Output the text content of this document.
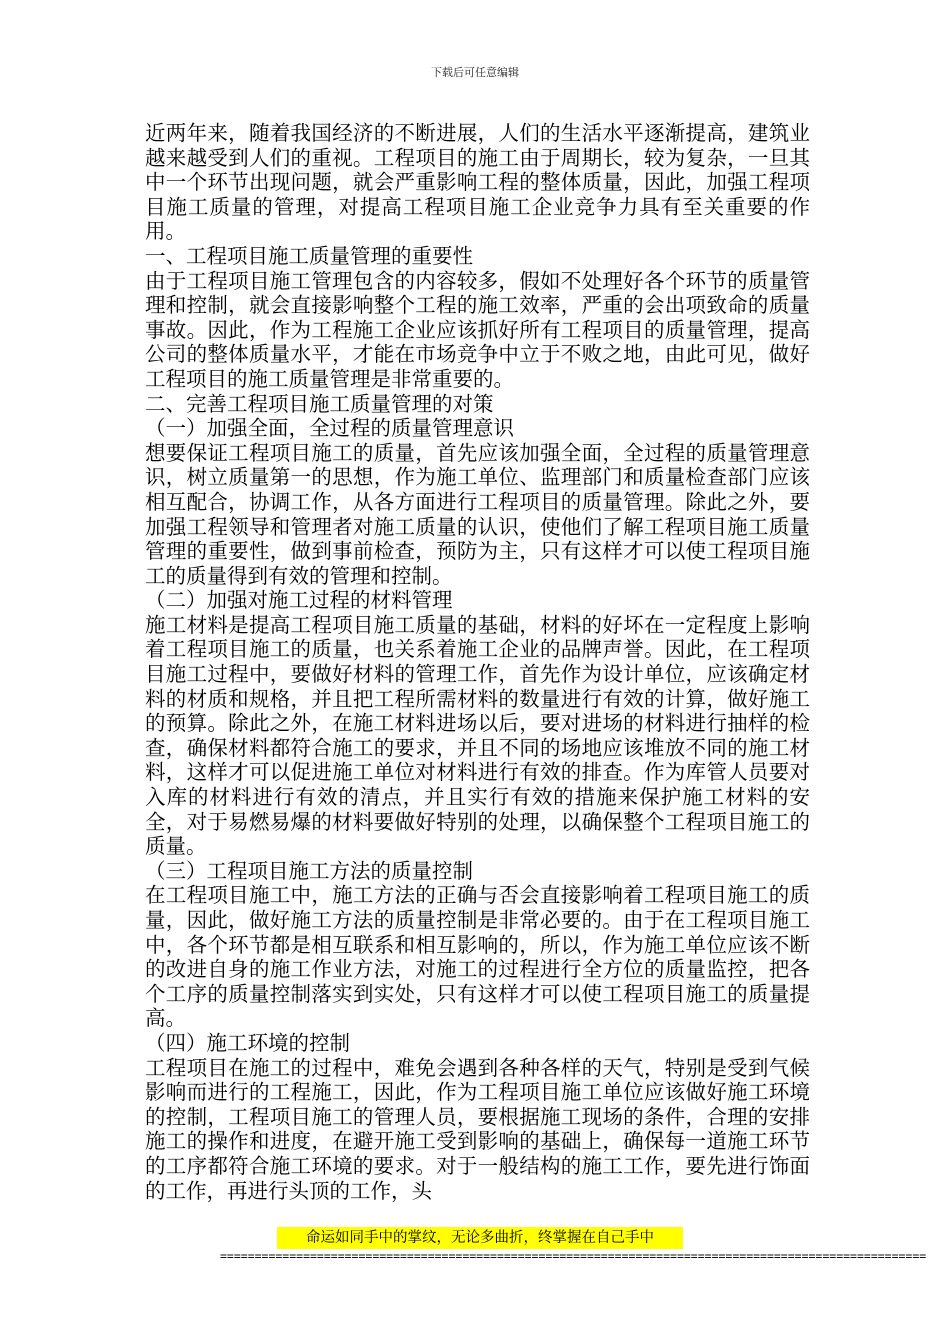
下载后可任意编辑

近两年来，随着我国经济的不断进展，人们的生活水平逐渐提高，建筑业越来越受到人们的重视。工程项目的施工由于周期长，较为复杂，一旦其中一个环节出现问题，就会严重影响工程的整体质量，因此，加强工程项目施工质量的管理，对提高工程项目施工企业竞争力具有至关重要的作用。

一、工程项目施工质量管理的重要性

由于工程项目施工管理包含的内容较多，假如不处理好各个环节的质量管理和控制，就会直接影响整个工程的施工效率，严重的会出项致命的质量事故。因此，作为工程施工企业应该抓好所有工程项目的质量管理，提高公司的整体质量水平，才能在市场竞争中立于不败之地，由此可见，做好工程项目的施工质量管理是非常重要的。

二、完善工程项目施工质量管理的对策

（一）加强全面，全过程的质量管理意识

想要保证工程项目施工的质量，首先应该加强全面，全过程的质量管理意识，树立质量第一的思想，作为施工单位、监理部门和质量检查部门应该相互配合，协调工作，从各方面进行工程项目的质量管理。除此之外，要加强工程领导和管理者对施工质量的认识，使他们了解工程项目施工质量管理的重要性，做到事前检查，预防为主，只有这样才可以使工程项目施工的质量得到有效的管理和控制。

（二）加强对施工过程的材料管理

施工材料是提高工程项目施工质量的基础，材料的好坏在一定程度上影响着工程项目施工的质量，也关系着施工企业的品牌声誉。因此，在工程项目施工过程中，要做好材料的管理工作，首先作为设计单位，应该确定材料的材质和规格，并且把工程所需材料的数量进行有效的计算，做好施工的预算。除此之外，在施工材料进场以后，要对进场的材料进行抽样的检查，确保材料都符合施工的要求，并且不同的场地应该堆放不同的施工材料，这样才可以促进施工单位对材料进行有效的排查。作为库管人员要对入库的材料进行有效的清点，并且实行有效的措施来保护施工材料的安全，对于易燃易爆的材料要做好特别的处理，以确保整个工程项目施工的质量。

（三）工程项目施工方法的质量控制

在工程项目施工中，施工方法的正确与否会直接影响着工程项目施工的质量，因此，做好施工方法的质量控制是非常必要的。由于在工程项目施工中，各个环节都是相互联系和相互影响的，所以，作为施工单位应该不断的改进自身的施工作业方法，对施工的过程进行全方位的质量监控，把各个工序的质量控制落实到实处，只有这样才可以使工程项目施工的质量提高。

（四）施工环境的控制

工程项目在施工的过程中，难免会遇到各种各样的天气，特别是受到气候影响而进行的工程施工，因此，作为工程项目施工单位应该做好施工环境的控制，工程项目施工的管理人员，要根据施工现场的条件，合理的安排施工的操作和进度，在避开施工受到影响的基础上，确保每一道施工环节的工序都符合施工环境的要求。对于一般结构的施工工作，要先进行饰面的工作，再进行头顶的工作，头

命运如同手中的掌纹，无论多曲折，终掌握在自己手中
======================================================================================================
